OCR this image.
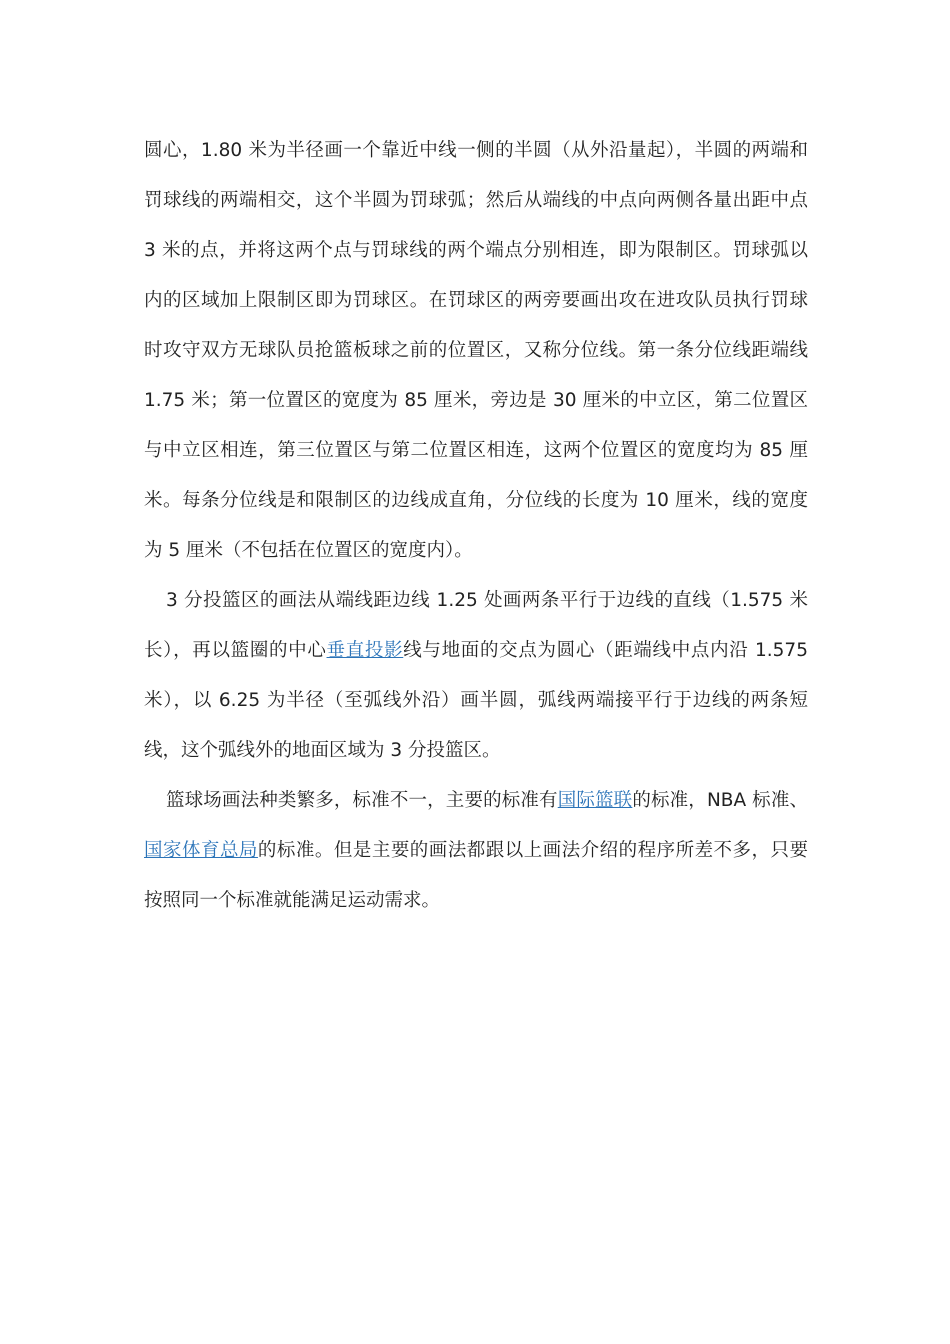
圆心，1.80 米为半径画一个靠近中线一侧的半圆（从外沿量起），半圆的两端和罚球线的两端相交，这个半圆为罚球弧；然后从端线的中点向两侧各量出距中点 3 米的点，并将这两个点与罚球线的两个端点分别相连，即为限制区。罚球弧以内的区域加上限制区即为罚球区。在罚球区的两旁要画出攻在进攻队员执行罚球时攻守双方无球队员抢篮板球之前的位置区，又称分位线。第一条分位线距端线 1.75 米；第一位置区的宽度为 85 厘米，旁边是 30 厘米的中立区，第二位置区与中立区相连，第三位置区与第二位置区相连，这两个位置区的宽度均为 85 厘米。每条分位线是和限制区的边线成直角，分位线的长度为 10 厘米，线的宽度为 5 厘米（不包括在位置区的宽度内）。

3 分投篮区的画法从端线距边线 1.25 处画两条平行于边线的直线（1.575 米长），再以篮圈的中心垂直投影线与地面的交点为圆心（距端线中点内沿 1.575 米），以 6.25 为半径（至弧线外沿）画半圆，弧线两端接平行于边线的两条短线，这个弧线外的地面区域为 3 分投篮区。

篮球场画法种类繁多，标准不一，主要的标准有国际篮联的标准，NBA 标准、国家体育总局的标准。但是主要的画法都跟以上画法介绍的程序所差不多，只要按照同一个标准就能满足运动需求。
